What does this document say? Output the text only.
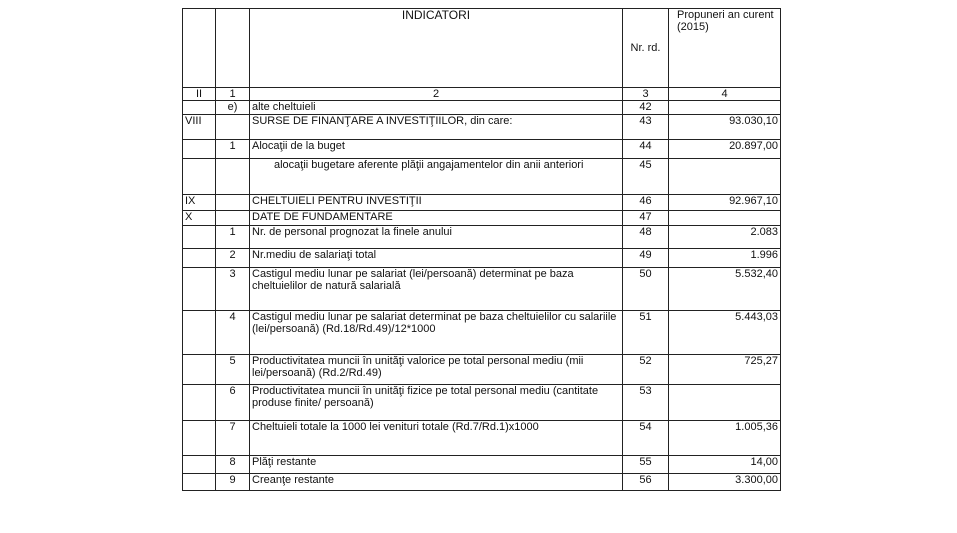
		INDICATORI	Nr. rd.	Propuneri an curent (2015)
II	1	2	3	4
	e)	alte cheltuieli	42	
VIII		SURSE DE FINANŢARE A INVESTIŢIILOR, din care:	43	93.030,10
	1	Alocaţii de la buget	44	20.897,00
		alocaţii bugetare aferente plăţii angajamentelor din anii anteriori	45	
IX		CHELTUIELI PENTRU INVESTIŢII	46	92.967,10
X		DATE DE FUNDAMENTARE	47	
	1	Nr. de personal prognozat la finele anului	48	2.083
	2	Nr.mediu de salariaţi total	49	1.996
	3	Castigul mediu lunar pe salariat (lei/persoană) determinat pe baza cheltuielilor de natură salarială	50	5.532,40
	4	Castigul mediu lunar pe salariat determinat pe baza cheltuielilor cu salariile (lei/persoană) (Rd.18/Rd.49)/12*1000	51	5.443,03
	5	Productivitatea muncii în unităţi valorice pe total personal mediu (mii lei/persoană) (Rd.2/Rd.49)	52	725,27
	6	Productivitatea muncii în unităţi fizice pe total personal mediu (cantitate produse finite/ persoană)	53	
	7	Cheltuieli totale la 1000 lei venituri totale (Rd.7/Rd.1)x1000	54	1.005,36
	8	Plăţi restante	55	14,00
	9	Creanţe restante	56	3.300,00
